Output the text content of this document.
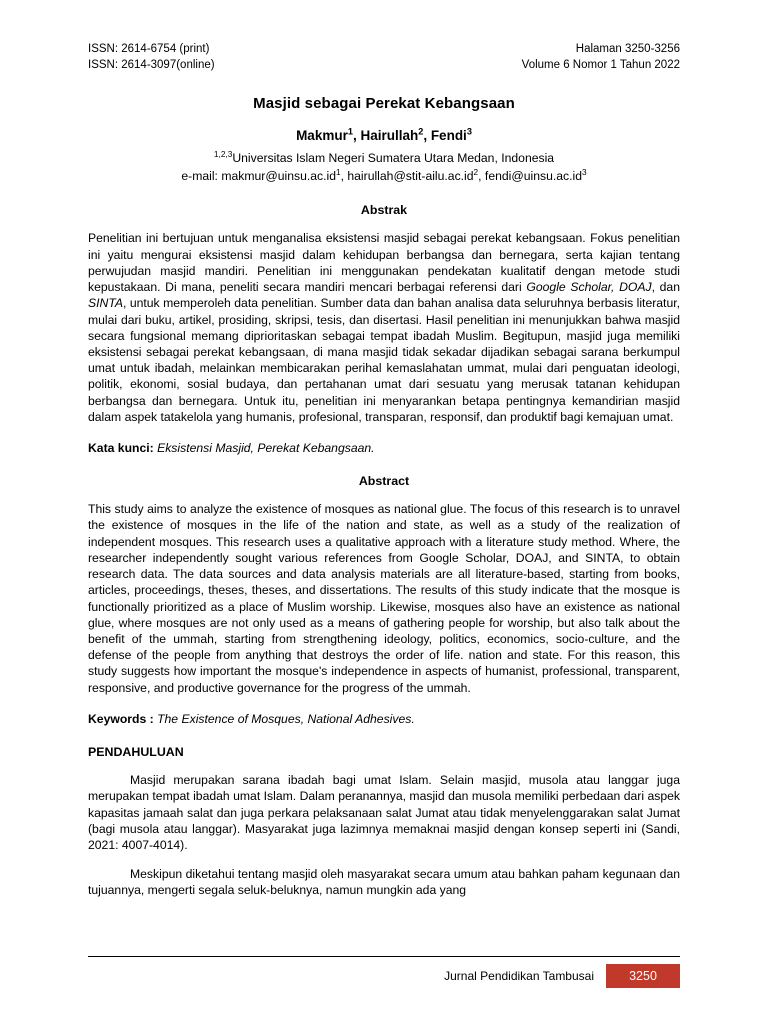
ISSN: 2614-6754 (print)
ISSN: 2614-3097(online)
Halaman 3250-3256
Volume 6 Nomor 1 Tahun 2022
Masjid sebagai Perekat Kebangsaan
Makmur$^1$, Hairullah$^2$, Fendi$^3$
$^{1,2,3}$Universitas Islam Negeri Sumatera Utara Medan, Indonesia
e-mail: $makmur@uinsu.ac.id^1$, $hairullah@stit-ailu.ac.id^2$, $fendi@uinsu.ac.id^3$
Abstrak

Penelitian ini bertujuan untuk menganalisa eksistensi masjid sebagai perekat kebangsaan. Fokus penelitian ini yaitu mengurai eksistensi masjid dalam kehidupan berbangsa dan bernegara, serta kajian tentang perwujudan masjid mandiri. Penelitian ini menggunakan pendekatan kualitatif dengan metode studi kepustakaan. Di mana, peneliti secara mandiri mencari berbagai referensi dari Google Scholar, DOAJ, dan SINTA, untuk memperoleh data penelitian. Sumber data dan bahan analisa data seluruhnya berbasis literatur, mulai dari buku, artikel, prosiding, skripsi, tesis, dan disertasi. Hasil penelitian ini menunjukkan bahwa masjid secara fungsional memang diprioritaskan sebagai tempat ibadah Muslim. Begitupun, masjid juga memiliki eksistensi sebagai perekat kebangsaan, di mana masjid tidak sekadar dijadikan sebagai sarana berkumpul umat untuk ibadah, melainkan membicarakan perihal kemaslahatan ummat, mulai dari penguatan ideologi, politik, ekonomi, sosial budaya, dan pertahanan umat dari sesuatu yang merusak tatanan kehidupan berbangsa dan bernegara. Untuk itu, penelitian ini menyarankan betapa pentingnya kemandirian masjid dalam aspek tatakelola yang humanis, profesional, transparan, responsif, dan produktif bagi kemajuan umat.

Kata kunci: Eksistensi Masjid, Perekat Kebangsaan.
Abstract

This study aims to analyze the existence of mosques as national glue. The focus of this research is to unravel the existence of mosques in the life of the nation and state, as well as a study of the realization of independent mosques. This research uses a qualitative approach with a literature study method. Where, the researcher independently sought various references from Google Scholar, DOAJ, and SINTA, to obtain research data. The data sources and data analysis materials are all literature-based, starting from books, articles, proceedings, theses, theses, and dissertations. The results of this study indicate that the mosque is functionally prioritized as a place of Muslim worship. Likewise, mosques also have an existence as national glue, where mosques are not only used as a means of gathering people for worship, but also talk about the benefit of the ummah, starting from strengthening ideology, politics, economics, socio-culture, and the defense of the people from anything that destroys the order of life. nation and state. For this reason, this study suggests how important the mosque's independence in aspects of humanist, professional, transparent, responsive, and productive governance for the progress of the ummah.

Keywords : The Existence of Mosques, National Adhesives.
PENDAHULUAN

Masjid merupakan sarana ibadah bagi umat Islam. Selain masjid, musola atau langgar juga merupakan tempat ibadah umat Islam. Dalam peranannya, masjid dan musola memiliki perbedaan dari aspek kapasitas jamaah salat dan juga perkara pelaksanaan salat Jumat atau tidak menyelenggarakan salat Jumat (bagi musola atau langgar). Masyarakat juga lazimnya memaknai masjid dengan konsep seperti ini (Sandi, 2021: 4007-4014).

Meskipun diketahui tentang masjid oleh masyarakat secara umum atau bahkan paham kegunaan dan tujuannya, mengerti segala seluk-beluknya, namun mungkin ada yang

Jurnal Pendidikan Tambusai	3250
